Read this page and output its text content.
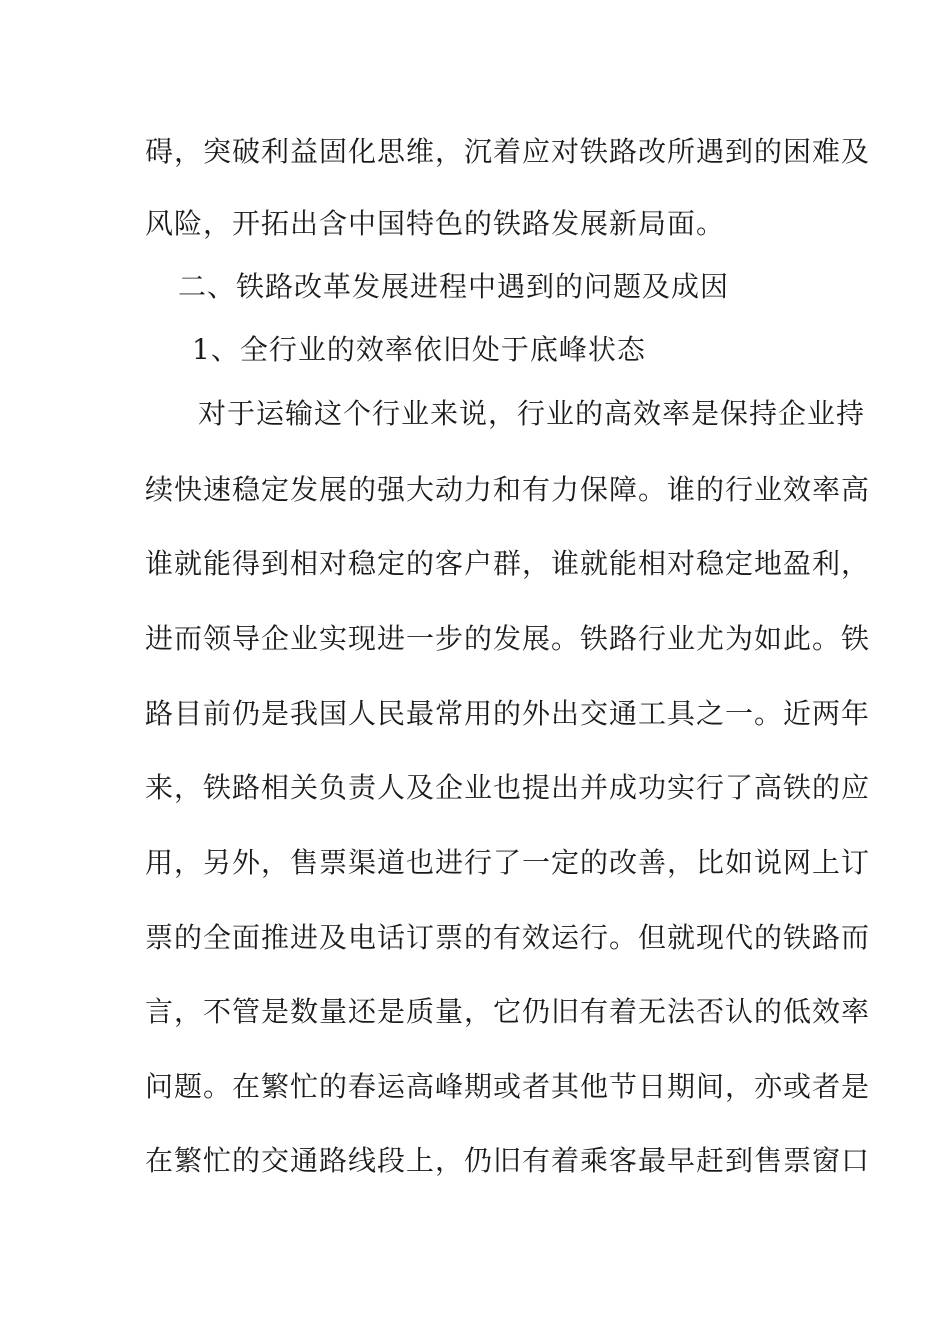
碍，突破利益固化思维，沉着应对铁路改所遇到的困难及
风险，开拓出含中国特色的铁路发展新局面。
二、铁路改革发展进程中遇到的问题及成因
1、全行业的效率依旧处于底峰状态
对于运输这个行业来说，行业的高效率是保持企业持
续快速稳定发展的强大动力和有力保障。谁的行业效率高
谁就能得到相对稳定的客户群，谁就能相对稳定地盈利，
进而领导企业实现进一步的发展。铁路行业尤为如此。铁
路目前仍是我国人民最常用的外出交通工具之一。近两年
来，铁路相关负责人及企业也提出并成功实行了高铁的应
用，另外，售票渠道也进行了一定的改善，比如说网上订
票的全面推进及电话订票的有效运行。但就现代的铁路而
言，不管是数量还是质量，它仍旧有着无法否认的低效率
问题。在繁忙的春运高峰期或者其他节日期间，亦或者是
在繁忙的交通路线段上，仍旧有着乘客最早赶到售票窗口
